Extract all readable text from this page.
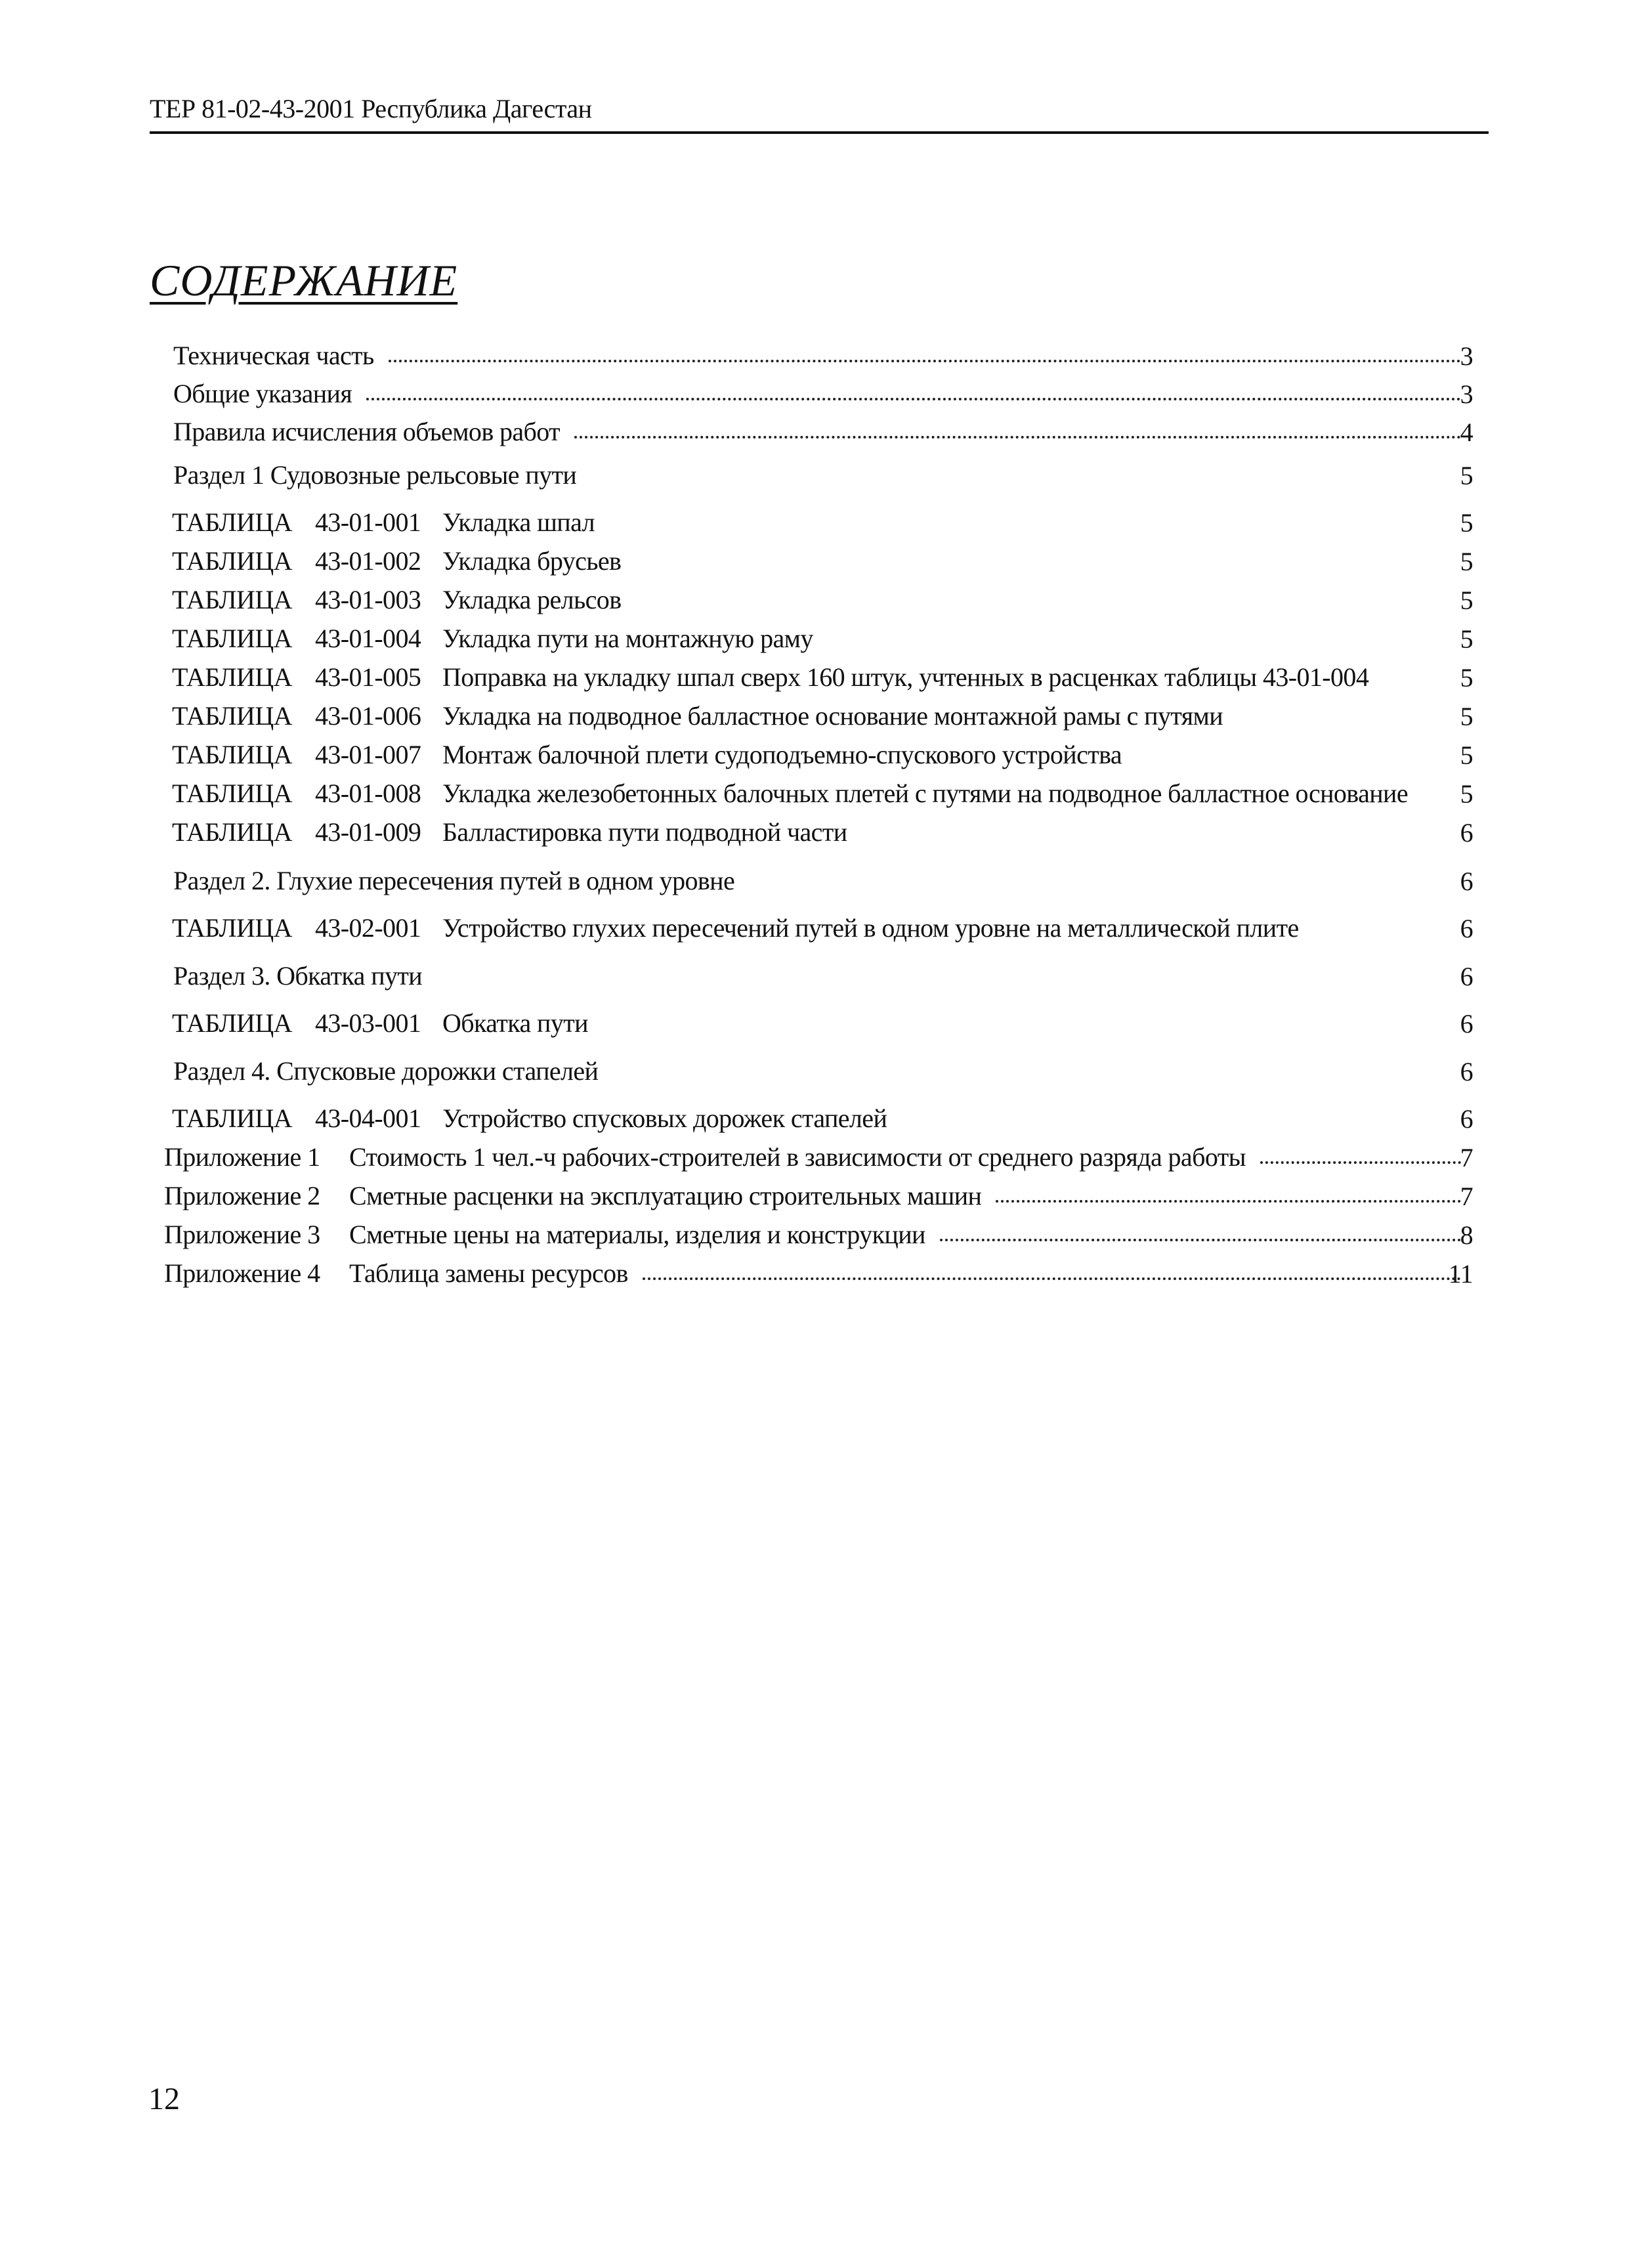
ТЕР 81-02-43-2001 Республика Дагестан
СОДЕРЖАНИЕ
Техническая часть	3
Общие указания	3
Правила исчисления объемов работ	4
Раздел 1 Судовозные рельсовые пути	5
ТАБЛИЦА 43-01-001 Укладка шпал	5
ТАБЛИЦА 43-01-002 Укладка брусьев	5
ТАБЛИЦА 43-01-003 Укладка рельсов	5
ТАБЛИЦА 43-01-004 Укладка пути на монтажную раму	5
ТАБЛИЦА 43-01-005 Поправка на укладку шпал сверх 160 штук, учтенных в расценках таблицы 43-01-004	5
ТАБЛИЦА 43-01-006 Укладка на подводное балластное основание монтажной рамы с путями	5
ТАБЛИЦА 43-01-007 Монтаж балочной плети судоподъемно-спускового устройства	5
ТАБЛИЦА 43-01-008 Укладка железобетонных балочных плетей с путями на подводное балластное основание 5
ТАБЛИЦА 43-01-009 Балластировка пути подводной части	6
Раздел 2. Глухие пересечения путей в одном уровне	6
ТАБЛИЦА 43-02-001 Устройство глухих пересечений путей в одном уровне на металлической плите	6
Раздел 3. Обкатка пути	6
ТАБЛИЦА 43-03-001 Обкатка пути	6
Раздел 4. Спусковые дорожки стапелей	6
ТАБЛИЦА 43-04-001 Устройство спусковых дорожек стапелей	6
Приложение 1	Стоимость 1 чел.-ч рабочих-строителей в зависимости от среднего разряда работы	7
Приложение 2	Сметные расценки на эксплуатацию строительных машин	7
Приложение 3	Сметные цены на материалы, изделия и конструкции	8
Приложение 4	Таблица замены ресурсов	11
12
